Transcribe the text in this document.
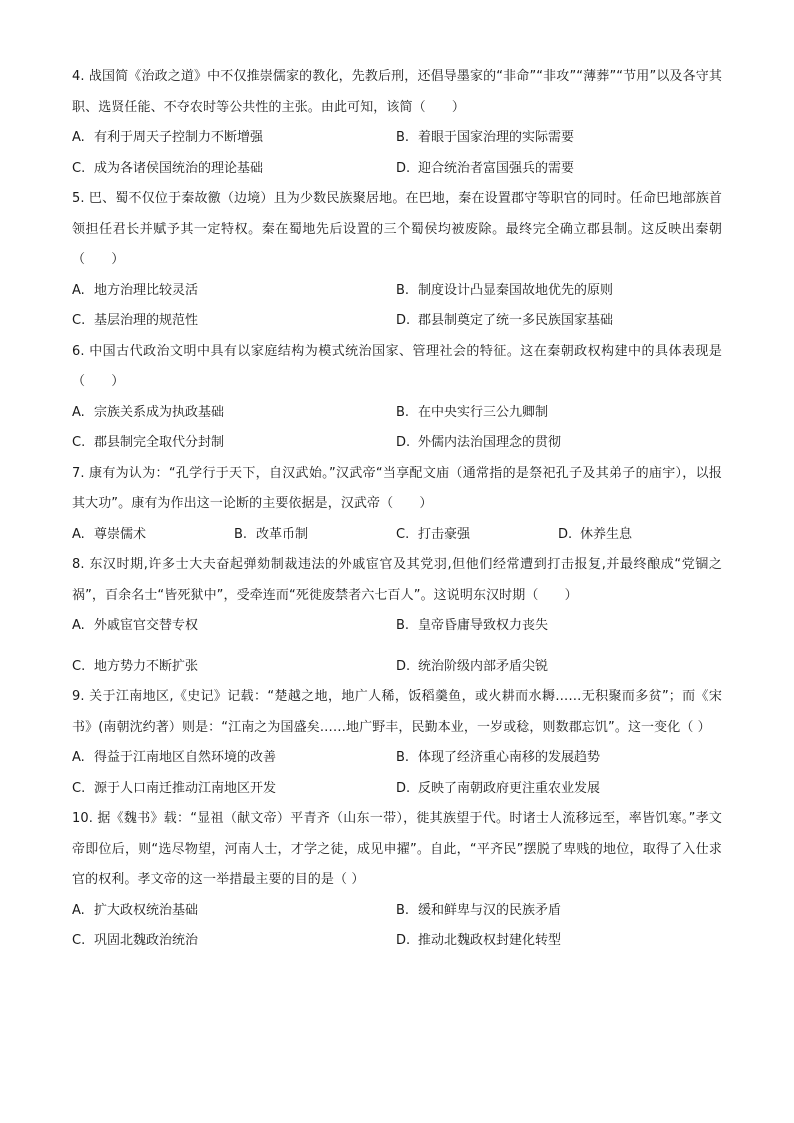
4. 战国简《治政之道》中不仅推崇儒家的教化，先教后刑，还倡导墨家的“非命”“非攻”“薄葬”“节用”以及各守其职、选贤任能、不夺农时等公共性的主张。由此可知，该简（　　）

A. 有利于周天子控制力不断增强	B. 着眼于国家治理的实际需要
C. 成为各诸侯国统治的理论基础	D. 迎合统治者富国强兵的需要

5. 巴、蜀不仅位于秦故徼（边境）且为少数民族聚居地。在巴地，秦在设置郡守等职官的同时。任命巴地部族首领担任君长并赋予其一定特权。秦在蜀地先后设置的三个蜀侯均被废除。最终完全确立郡县制。这反映出秦朝（　　）

A. 地方治理比较灵活	B. 制度设计凸显秦国故地优先的原则
C. 基层治理的规范性	D. 郡县制奠定了统一多民族国家基础

6. 中国古代政治文明中具有以家庭结构为模式统治国家、管理社会的特征。这在秦朝政权构建中的具体表现是（　　）

A. 宗族关系成为执政基础	B. 在中央实行三公九卿制
C. 郡县制完全取代分封制	D. 外儒内法治国理念的贯彻

7. 康有为认为：“孔学行于天下，自汉武始。”汉武帝“当享配文庙（通常指的是祭祀孔子及其弟子的庙宇），以报其大功”。康有为作出这一论断的主要依据是，汉武帝（　　）

A. 尊崇儒术	B. 改革币制	C. 打击豪强	D. 休养生息

8. 东汉时期,许多士大夫奋起弹劾制裁违法的外戚宦官及其党羽,但他们经常遭到打击报复,并最终酿成“党锢之祸”，百余名士“皆死狱中”，受牵连而“死徙废禁者六七百人”。这说明东汉时期（　　）

A. 外戚宦官交替专权	B. 皇帝昏庸导致权力丧失
C. 地方势力不断扩张	D. 统治阶级内部矛盾尖锐

9. 关于江南地区,《史记》记载：“楚越之地，地广人稀，饭稻羹鱼，或火耕而水耨……无积聚而多贫”；而《宋书》(南朝沈约著）则是：“江南之为国盛矣……地广野丰，民勤本业，一岁或稔，则数郡忘饥”。这一变化（ ）

A. 得益于江南地区自然环境的改善	B. 体现了经济重心南移的发展趋势
C. 源于人口南迁推动江南地区开发	D. 反映了南朝政府更注重农业发展

10. 据《魏书》载：“显祖（献文帝）平青齐（山东一带），徙其族望于代。时诸士人流移远至，率皆饥寒。”孝文帝即位后，则“选尽物望，河南人士，才学之徒，成见申擢”。自此，“平齐民”摆脱了卑贱的地位，取得了入仕求官的权利。孝文帝的这一举措最主要的目的是（ ）

A. 扩大政权统治基础	B. 缓和鲜卑与汉的民族矛盾
C. 巩固北魏政治统治	D. 推动北魏政权封建化转型
